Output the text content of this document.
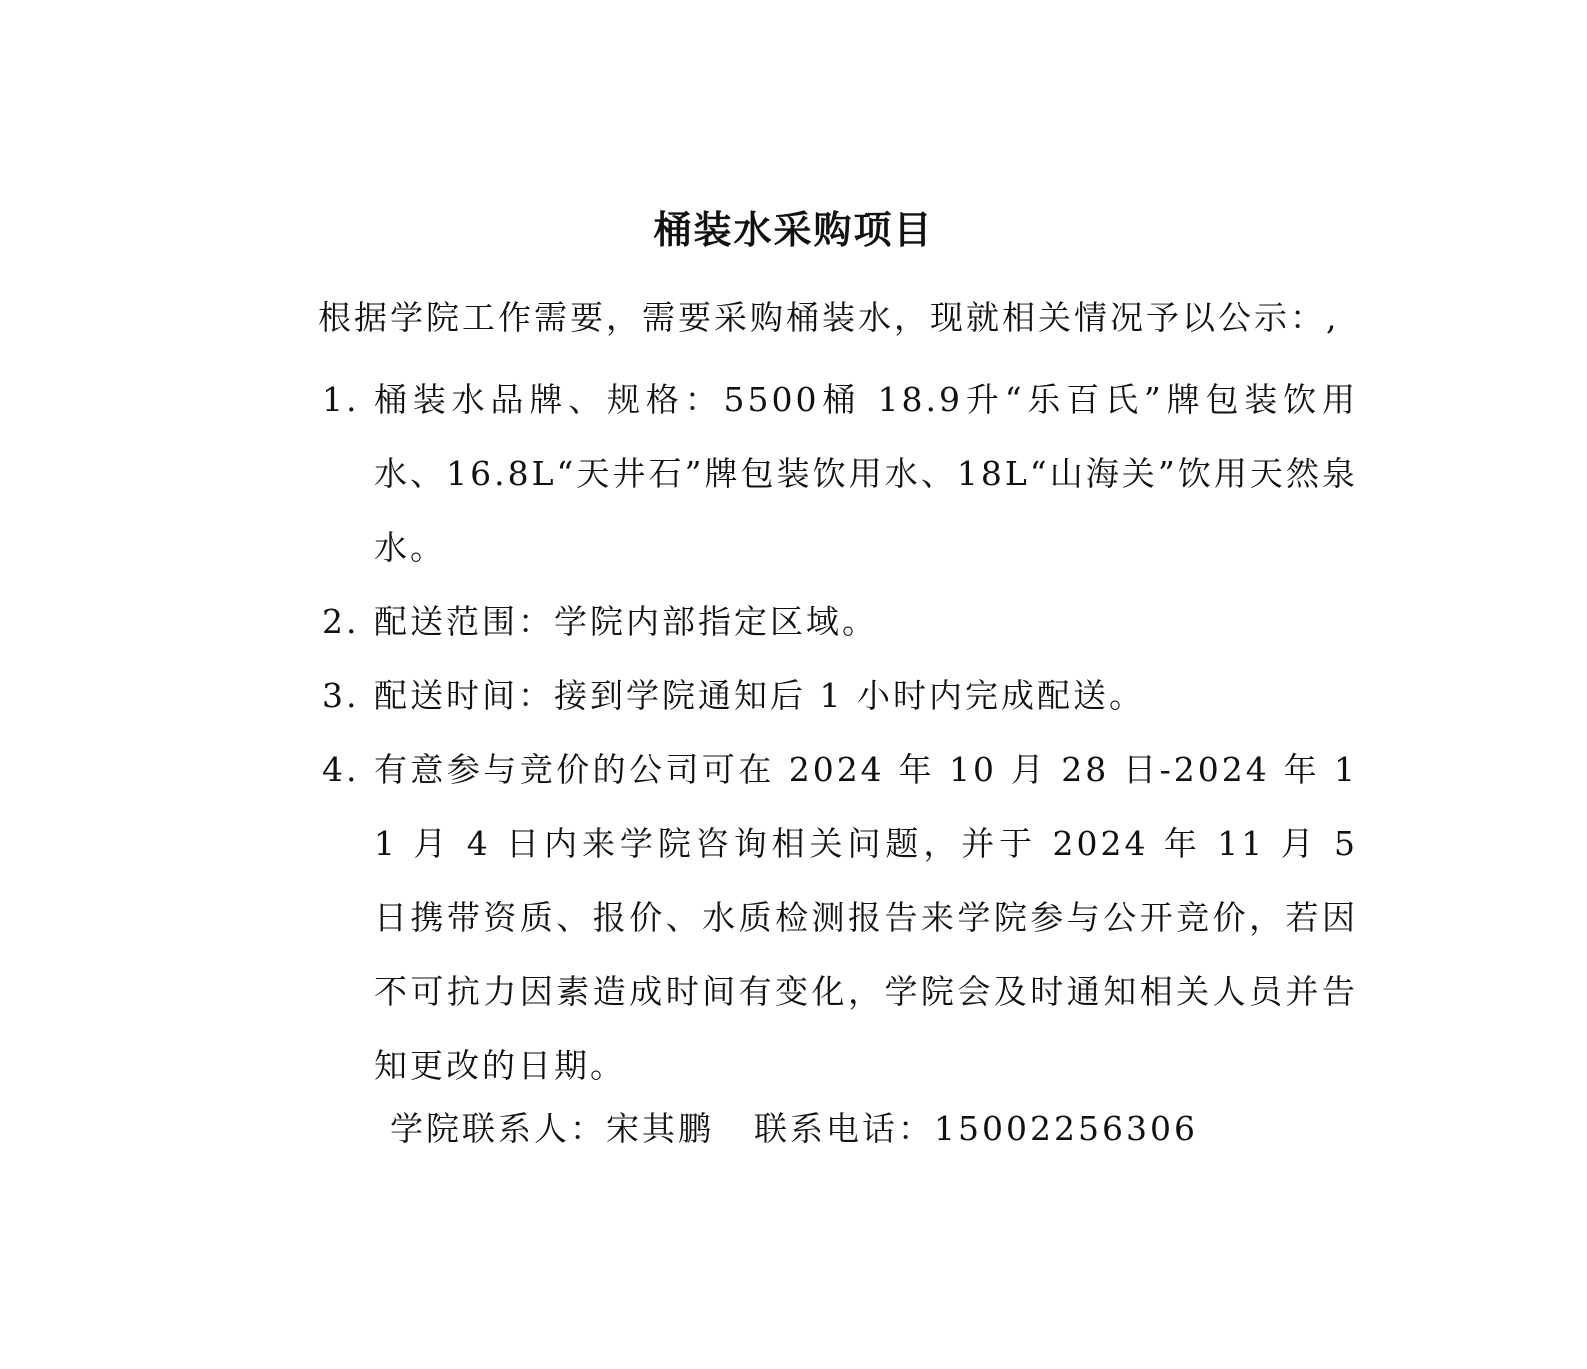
桶装水采购项目
根据学院工作需要，需要采购桶装水，现就相关情况予以公示：,
1. 桶装水品牌、规格：5500桶 18.9升“乐百氏”牌包装饮用水、16.8L“天井石”牌包装饮用水、18L“山海关”饮用天然泉水。
2. 配送范围：学院内部指定区域。
3. 配送时间：接到学院通知后 1 小时内完成配送。
4. 有意参与竞价的公司可在 2024 年 10 月 28 日-2024 年 11 月 4 日内来学院咨询相关问题，并于 2024 年 11 月 5 日携带资质、报价、水质检测报告来学院参与公开竞价，若因不可抗力因素造成时间有变化，学院会及时通知相关人员并告知更改的日期。
学院联系人：宋其鹏 联系电话：15002256306
